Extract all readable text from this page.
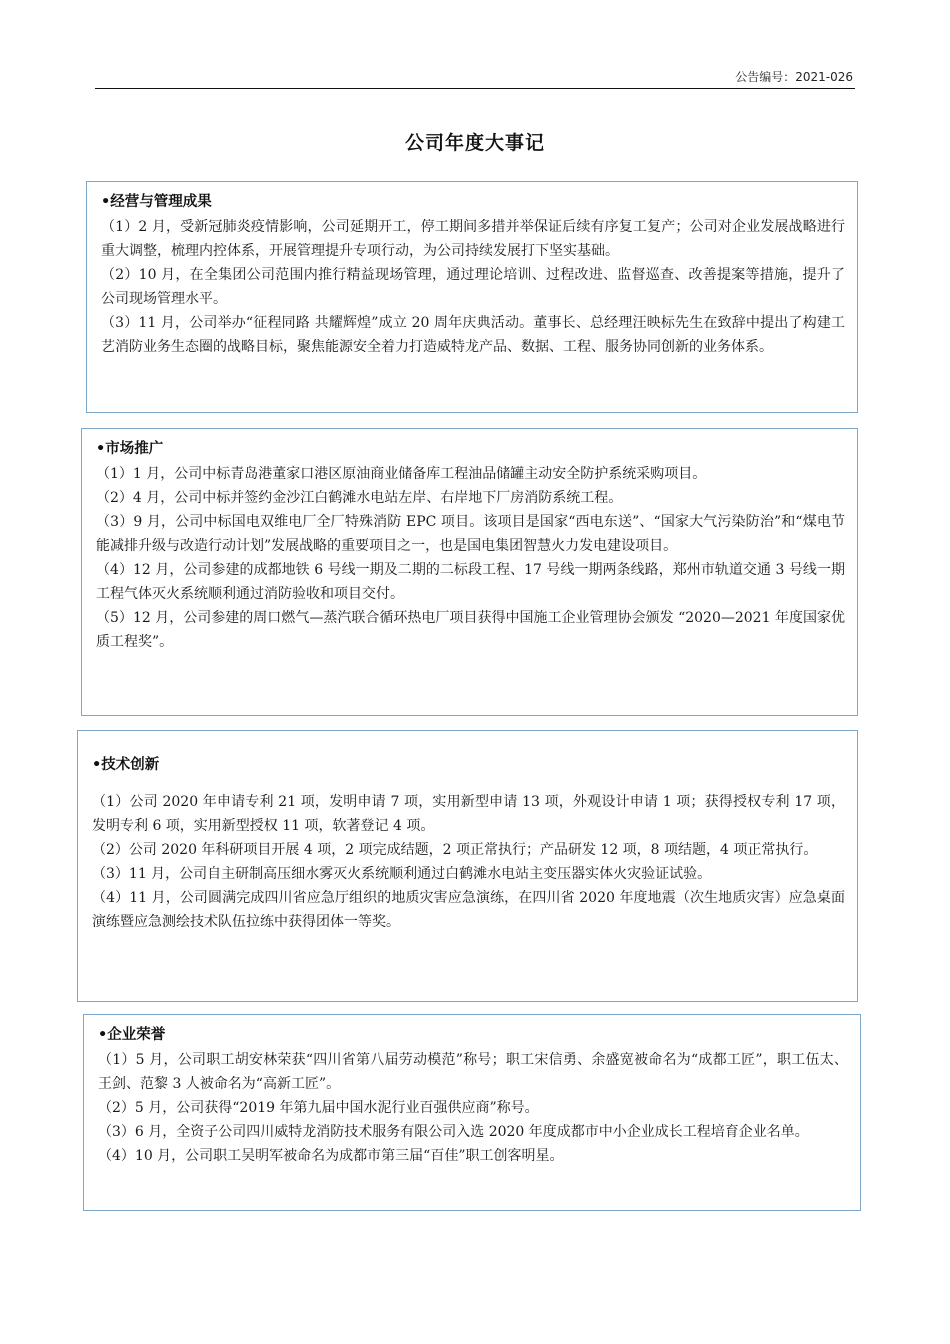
公告编号：2021-026
公司年度大事记
•经营与管理成果

（1）2 月，受新冠肺炎疫情影响，公司延期开工，停工期间多措并举保证后续有序复工复产；公司对企业发展战略进行重大调整，梳理内控体系，开展管理提升专项行动，为公司持续发展打下坚实基础。

（2）10 月，在全集团公司范围内推行精益现场管理，通过理论培训、过程改进、监督巡查、改善提案等措施，提升了公司现场管理水平。

（3）11 月，公司举办“征程同路 共耀辉煌”成立 20 周年庆典活动。董事长、总经理汪映标先生在致辞中提出了构建工艺消防业务生态圈的战略目标，聚焦能源安全着力打造威特龙产品、数据、工程、服务协同创新的业务体系。

•市场推广

（1）1 月，公司中标青岛港董家口港区原油商业储备库工程油品储罐主动安全防护系统采购项目。

（2）4 月，公司中标并签约金沙江白鹤滩水电站左岸、右岸地下厂房消防系统工程。

（3）9 月，公司中标国电双维电厂全厂特殊消防 EPC 项目。该项目是国家“西电东送”、“国家大气污染防治”和“煤电节能减排升级与改造行动计划”发展战略的重要项目之一，也是国电集团智慧火力发电建设项目。

（4）12 月，公司参建的成都地铁 6 号线一期及二期的二标段工程、17 号线一期两条线路，郑州市轨道交通 3 号线一期工程气体灭火系统顺利通过消防验收和项目交付。

（5）12 月，公司参建的周口燃气—蒸汽联合循环热电厂项目获得中国施工企业管理协会颁发 “2020—2021 年度国家优质工程奖”。

•技术创新

（1）公司 2020 年申请专利 21 项，发明申请 7 项，实用新型申请 13 项，外观设计申请 1 项；获得授权专利 17 项，发明专利 6 项，实用新型授权 11 项，软著登记 4 项。

（2）公司 2020 年科研项目开展 4 项，2 项完成结题，2 项正常执行；产品研发 12 项，8 项结题，4 项正常执行。

（3）11 月，公司自主研制高压细水雾灭火系统顺利通过白鹤滩水电站主变压器实体火灾验证试验。

（4）11 月，公司圆满完成四川省应急厅组织的地质灾害应急演练，在四川省 2020 年度地震（次生地质灾害）应急桌面演练暨应急测绘技术队伍拉练中获得团体一等奖。

•企业荣誉

（1）5 月，公司职工胡安林荣获“四川省第八届劳动模范”称号；职工宋信勇、余盛宽被命名为“成都工匠”，职工伍太、王剑、范黎 3 人被命名为“高新工匠”。

（2）5 月，公司获得“2019 年第九届中国水泥行业百强供应商”称号。

（3）6 月，全资子公司四川威特龙消防技术服务有限公司入选 2020 年度成都市中小企业成长工程培育企业名单。

（4）10 月，公司职工吴明军被命名为成都市第三届“百佳”职工创客明星。
